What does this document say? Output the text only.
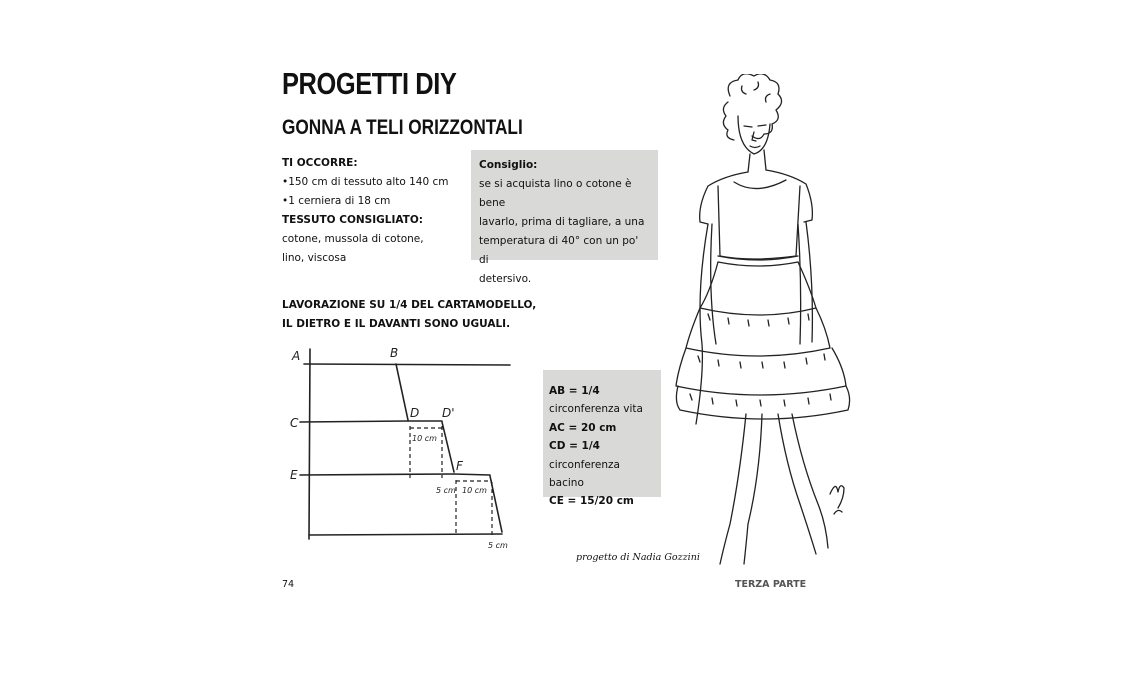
PROGETTI DIY
GONNA A TELI ORIZZONTALI
TI OCCORRE:
•150 cm di tessuto alto 140 cm
•1 cerniera di 18 cm
TESSUTO CONSIGLIATO:
cotone, mussola di cotone,
lino, viscosa
Consiglio:
se si acquista lino o cotone è bene
lavarlo, prima di tagliare, a una
temperatura di 40° con un po' di
detersivo.
LAVORAZIONE SU 1/4 DEL CARTAMODELLO,
IL DIETRO E IL DAVANTI SONO UGUALI.
A	B
C
D D'
E
F
10 cm
5 cm 10 cm
5 cm
AB = 1/4
circonferenza vita
AC = 20 cm
CD = 1/4
circonferenza bacino
CE = 15/20 cm
progetto di Nadia Gozzini
74	TERZA PARTE
